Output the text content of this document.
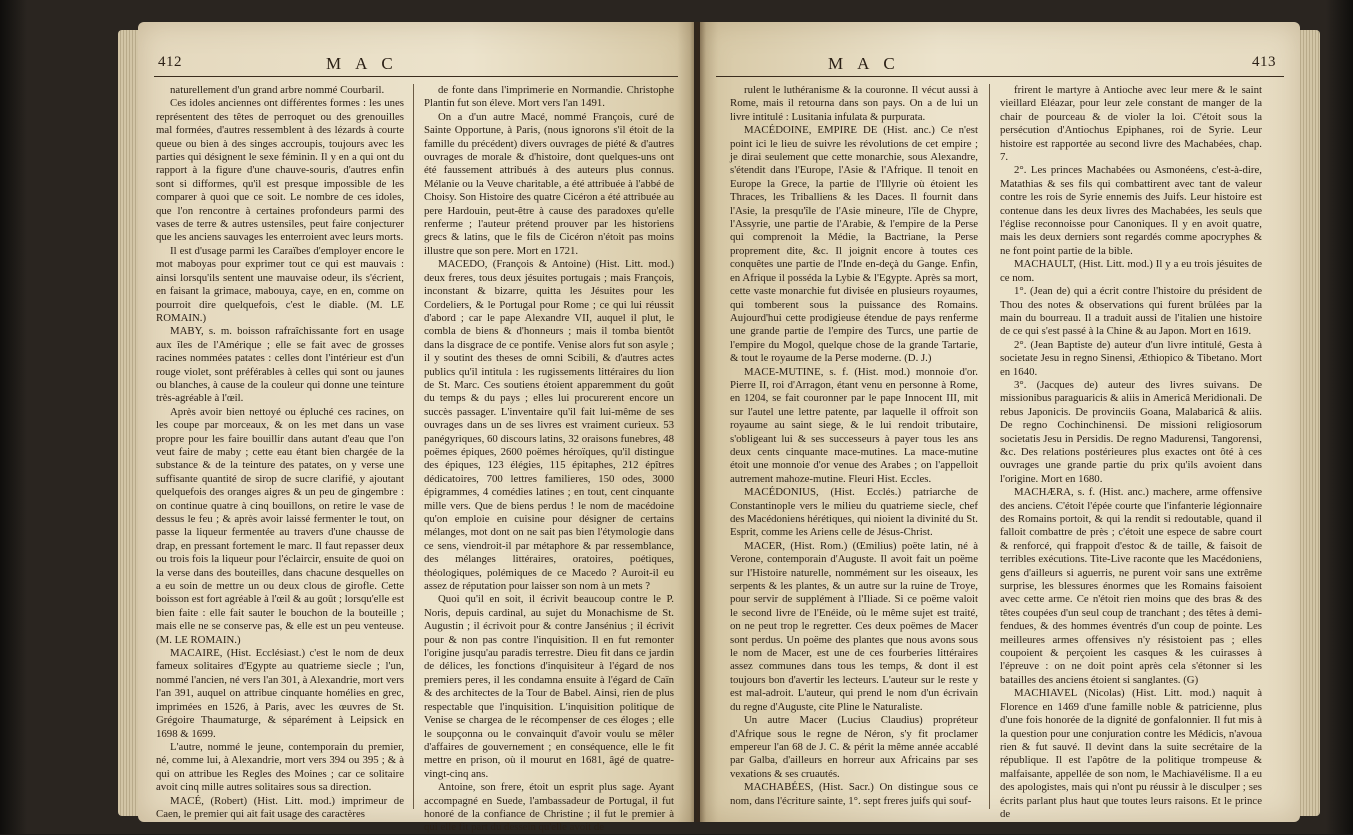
412	MAC

naturellement d'un grand arbre nommé Courbaril.

Ces idoles anciennes ont différentes formes : les unes représentent des têtes de perroquet ou des grenouilles mal formées, d'autres ressemblent à des lézards à courte queue ou bien à des singes accroupis, toujours avec les parties qui désignent le sexe féminin. Il y en a qui ont du rapport à la figure d'une chauve-souris, d'autres enfin sont si difformes, qu'il est presque impossible de les comparer à quoi que ce soit. Le nombre de ces idoles, que l'on rencontre à certaines profondeurs parmi des vases de terre & autres ustensiles, peut faire conjecturer que les anciens sauvages les enterroient avec leurs morts.

Il est d'usage parmi les Caraïbes d'employer encore le mot maboyas pour exprimer tout ce qui est mauvais : ainsi lorsqu'ils sentent une mauvaise odeur, ils s'écrient, en faisant la grimace, mabouya, caye, en en, comme on pourroit dire quelquefois, c'est le diable. (M. LE ROMAIN.)

MABY, s. m. boisson rafraîchissante fort en usage aux îles de l'Amérique ; elle se fait avec de grosses racines nommées patates : celles dont l'intérieur est d'un rouge violet, sont préférables à celles qui sont ou jaunes ou blanches, à cause de la couleur qui donne une teinture très-agréable à l'œil.

Après avoir bien nettoyé ou épluché ces racines, on les coupe par morceaux, & on les met dans un vase propre pour les faire bouillir dans autant d'eau que l'on veut faire de maby ; cette eau étant bien chargée de la substance & de la teinture des patates, on y verse une suffisante quantité de sirop de sucre clarifié, y ajoutant quelquefois des oranges aigres & un peu de gingembre : on continue quatre à cinq bouillons, on retire le vase de dessus le feu ; & après avoir laissé fermenter le tout, on passe la liqueur fermentée au travers d'une chausse de drap, en pressant fortement le marc. Il faut repasser deux ou trois fois la liqueur pour l'éclaircir, ensuite de quoi on la verse dans des bouteilles, dans chacune desquelles on a eu soin de mettre un ou deux clous de girofle. Cette boisson est fort agréable à l'œil & au goût ; lorsqu'elle est bien faite : elle fait sauter le bouchon de la bouteille ; mais elle ne se conserve pas, & elle est un peu venteuse. (M. LE ROMAIN.)

MACAIRE, (Hist. Ecclésiast.) c'est le nom de deux fameux solitaires d'Egypte au quatrieme siecle ; l'un, nommé l'ancien, né vers l'an 301, à Alexandrie, mort vers l'an 391, auquel on attribue cinquante homélies en grec, imprimées en 1526, à Paris, avec les œuvres de St. Grégoire Thaumaturge, & séparément à Leipsick en 1698 & 1699.

L'autre, nommé le jeune, contemporain du premier, né, comme lui, à Alexandrie, mort vers 394 ou 395 ; & à qui on attribue les Regles des Moines ; car ce solitaire avoit cinq mille autres solitaires sous sa direction.

MACÉ, (Robert) (Hist. Litt. mod.) imprimeur de Caen, le premier qui ait fait usage des caractères

de fonte dans l'imprimerie en Normandie. Christophe Plantin fut son éleve. Mort vers l'an 1491.

On a d'un autre Macé, nommé François, curé de Sainte Opportune, à Paris, (nous ignorons s'il étoit de la famille du précédent) divers ouvrages de piété & d'autres ouvrages de morale & d'histoire, dont quelques-uns ont été faussement attribués à des auteurs plus connus. Mélanie ou la Veuve charitable, a été attribuée à l'abbé de Choisy. Son Histoire des quatre Cicéron a été attribuée au pere Hardouin, peut-être à cause des paradoxes qu'elle renferme ; l'auteur prétend prouver par les historiens grecs & latins, que le fils de Cicéron n'étoit pas moins illustre que son pere. Mort en 1721.

MACEDO, (François & Antoine) (Hist. Litt. mod.) deux freres, tous deux jésuites portugais ; mais François, inconstant & bizarre, quitta les Jésuites pour les Cordeliers, & le Portugal pour Rome ; ce qui lui réussit d'abord ; car le pape Alexandre VII, auquel il plut, le combla de biens & d'honneurs ; mais il tomba bientôt dans la disgrace de ce pontife. Venise alors fut son asyle ; il y soutint des theses de omni Scibili, & d'autres actes publics qu'il intitula : les rugissements littéraires du lion de St. Marc. Ces soutiens étoient apparemment du goût du temps & du pays ; elles lui procurerent encore un succès passager. L'inventaire qu'il fait lui-même de ses ouvrages dans un de ses livres est vraiment curieux. 53 panégyriques, 60 discours latins, 32 oraisons funebres, 48 poëmes épiques, 2600 poëmes héroïques, qu'il distingue des épiques, 123 élégies, 115 épitaphes, 212 épîtres dédicatoires, 700 lettres familieres, 150 odes, 3000 épigrammes, 4 comédies latines ; en tout, cent cinquante mille vers. Que de biens perdus ! le nom de macédoine qu'on emploie en cuisine pour désigner de certains mélanges, mot dont on ne sait pas bien l'étymologie dans ce sens, viendroit-il par métaphore & par ressemblance, des mélanges littéraires, oratoires, poétiques, théologiques, polémiques de ce Macedo ? Auroit-il eu assez de réputation pour laisser son nom à un mets ?

Quoi qu'il en soit, il écrivit beaucoup contre le P. Noris, depuis cardinal, au sujet du Monachisme de St. Augustin ; il écrivoit pour & contre Jansénius ; il écrivit pour & non pas contre l'inquisition. Il en fut remonter l'origine jusqu'au paradis terrestre. Dieu fit dans ce jardin de délices, les fonctions d'inquisiteur à l'égard de nos premiers peres, il les condamna ensuite à l'égard de Caïn & des architectes de la Tour de Babel. Ainsi, rien de plus respectable que l'inquisition. L'inquisition politique de Venise se chargea de le récompenser de ces éloges ; elle le soupçonna ou le convainquit d'avoir voulu se mêler d'affaires de gouvernement ; en conséquence, elle le fit mettre en prison, où il mourut en 1681, âgé de quatre-vingt-cinq ans.

Antoine, son frere, étoit un esprit plus sage. Ayant accompagné en Suede, l'ambassadeur de Portugal, il fut honoré de la confiance de Christine ; il fut le premier à qui elle fit part du dessein qu'elle avoit de

MAC	413

rulent le luthéranisme & la couronne. Il vécut aussi à Rome, mais il retourna dans son pays. On a de lui un livre intitulé : Lusitania infulata & purpurata.

MACÉDOINE, EMPIRE DE (Hist. anc.) Ce n'est point ici le lieu de suivre les révolutions de cet empire ; je dirai seulement que cette monarchie, sous Alexandre, s'étendit dans l'Europe, l'Asie & l'Afrique. Il tenoit en Europe la Grece, la partie de l'Illyrie où étoient les Thraces, les Triballiens & les Daces. Il fournit dans l'Asie, la presqu'île de l'Asie mineure, l'île de Chypre, l'Assyrie, une partie de l'Arabie, & l'empire de la Perse qui comprenoit la Médie, la Bactriane, la Perse proprement dite, &c. Il joignit encore à toutes ces conquêtes une partie de l'Inde en-deçà du Gange. Enfin, en Afrique il posséda la Lybie & l'Egypte. Après sa mort, cette vaste monarchie fut divisée en plusieurs royaumes, qui tomberent sous la puissance des Romains. Aujourd'hui cette prodigieuse étendue de pays renferme une grande partie de l'empire des Turcs, une partie de l'empire du Mogol, quelque chose de la grande Tartarie, & tout le royaume de la Perse moderne. (D. J.)

MACE-MUTINE, s. f. (Hist. mod.) monnoie d'or. Pierre II, roi d'Arragon, étant venu en personne à Rome, en 1204, se fait couronner par le pape Innocent III, mit sur l'autel une lettre patente, par laquelle il offroit son royaume au saint siege, & le lui rendoit tributaire, s'obligeant lui & ses successeurs à payer tous les ans deux cents cinquante mace-mutines. La mace-mutine étoit une monnoie d'or venue des Arabes ; on l'appelloit autrement mahoze-mutine. Fleuri Hist. Eccles.

MACÉDONIUS, (Hist. Ecclés.) patriarche de Constantinople vers le milieu du quatrieme siecle, chef des Macédoniens hérétiques, qui nioient la divinité du St. Esprit, comme les Ariens celle de Jésus-Christ.

MACER, (Hist. Rom.) (Œmilius) poëte latin, né à Verone, contemporain d'Auguste. Il avoit fait un poëme sur l'Histoire naturelle, nommément sur les oiseaux, les serpents & les plantes, & un autre sur la ruine de Troye, pour servir de supplément à l'Iliade. Si ce poëme valoit le second livre de l'Enéide, où le même sujet est traité, on ne peut trop le regretter. Ces deux poëmes de Macer sont perdus. Un poëme des plantes que nous avons sous le nom de Macer, est une de ces fourberies littéraires assez communes dans tous les temps, & dont il est toujours bon d'avertir les lecteurs. L'auteur sur le reste y est mal-adroit. L'auteur, qui prend le nom d'un écrivain du regne d'Auguste, cite Pline le Naturaliste.

Un autre Macer (Lucius Claudius) propréteur d'Afrique sous le regne de Néron, s'y fit proclamer empereur l'an 68 de J. C. & périt la même année accablé par Galba, d'ailleurs en horreur aux Africains par ses vexations & ses cruautés.

MACHABÉES, (Hist. Sacr.) On distingue sous ce nom, dans l'écriture sainte, 1°. sept freres juifs qui souf-

frirent le martyre à Antioche avec leur mere & le saint vieillard Eléazar, pour leur zele constant de manger de la chair de pourceau & de violer la loi. C'étoit sous la persécution d'Antiochus Epiphanes, roi de Syrie. Leur histoire est rapportée au second livre des Machabées, chap. 7.

2°. Les princes Machabées ou Asmonéens, c'est-à-dire, Matathias & ses fils qui combattirent avec tant de valeur contre les rois de Syrie ennemis des Juifs. Leur histoire est contenue dans les deux livres des Machabées, les seuls que l'église reconnoisse pour Canoniques. Il y en avoit quatre, mais les deux derniers sont regardés comme apocryphes & ne font point partie de la bible.

MACHAULT, (Hist. Litt. mod.) Il y a eu trois jésuites de ce nom.

1°. (Jean de) qui a écrit contre l'histoire du président de Thou des notes & observations qui furent brûlées par la main du bourreau. Il a traduit aussi de l'italien une histoire de ce qui s'est passé à la Chine & au Japon. Mort en 1619.

2°. (Jean Baptiste de) auteur d'un livre intitulé, Gesta à societate Jesu in regno Sinensi, Æthiopico & Tibetano. Mort en 1640.

3°. (Jacques de) auteur des livres suivans. De missionibus paraguaricis & aliis in Americâ Meridionali. De rebus Japonicis. De provinciis Goana, Malabaricâ & aliis. De regno Cochinchinensi. De missioni religiosorum societatis Jesu in Persidis. De regno Madurensi, Tangorensi, &c. Des relations postérieures plus exactes ont ôté à ces ouvrages une grande partie du prix qu'ils avoient dans l'origine. Mort en 1680.

MACHÆRA, s. f. (Hist. anc.) machere, arme offensive des anciens. C'étoit l'épée courte que l'infanterie légionnaire des Romains portoit, & qui la rendit si redoutable, quand il falloit combattre de près ; c'étoit une espece de sabre court & renforcé, qui frappoit d'estoc & de taille, & faisoit de terribles exécutions. Tite-Live raconte que les Macédoniens, gens d'ailleurs si aguerris, ne purent voir sans une extrême surprise, les blessures énormes que les Romains faisoient avec cette arme. Ce n'étoit rien moins que des bras & des têtes coupées d'un seul coup de tranchant ; des têtes à demi-fendues, & des hommes éventrés d'un coup de pointe. Les meilleures armes offensives n'y résistoient pas ; elles coupoient & perçoient les casques & les cuirasses à l'épreuve : on ne doit point après cela s'étonner si les batailles des anciens étoient si sanglantes. (G)

MACHIAVEL (Nicolas) (Hist. Litt. mod.) naquit à Florence en 1469 d'une famille noble & patricienne, plus d'une fois honorée de la dignité de gonfalonnier. Il fut mis à la question pour une conjuration contre les Médicis, n'avoua rien & fut sauvé. Il devint dans la suite secrétaire de la république. Il est l'apôtre de la politique trompeuse & malfaisante, appellée de son nom, le Machiavélisme. Il a eu des apologistes, mais qui n'ont pu réussir à le disculper ; ses écrits parlant plus haut que toutes leurs raisons. Et le prince de
